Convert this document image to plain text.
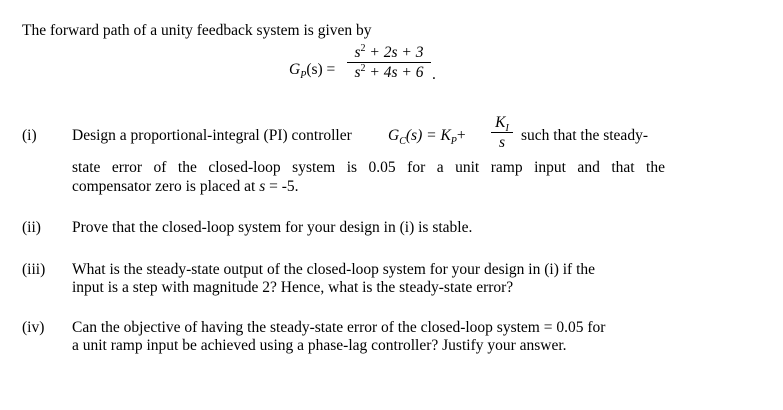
The forward path of a unity feedback system is given by
$G_P(s)$ =
$s^2 + 2s + 3$
$s^2 + 4s + 6$ .
(i) Design a proportional-integral (PI) controller $G_C(s) = K_P+$
$K_I$
s	such that the steady-
state error of the closed-loop system is 0.05 for a unit ramp input and that the
compensator zero is placed at s = -5.
(ii) Prove that the closed-loop system for your design in (i) is stable.
(iii) What is the steady-state output of the closed-loop system for your design in (i) if the
input is a step with magnitude 2? Hence, what is the steady-state error?
(iv) Can the objective of having the steady-state error of the closed-loop system = 0.05 for
a unit ramp input be achieved using a phase-lag controller? Justify your answer.
